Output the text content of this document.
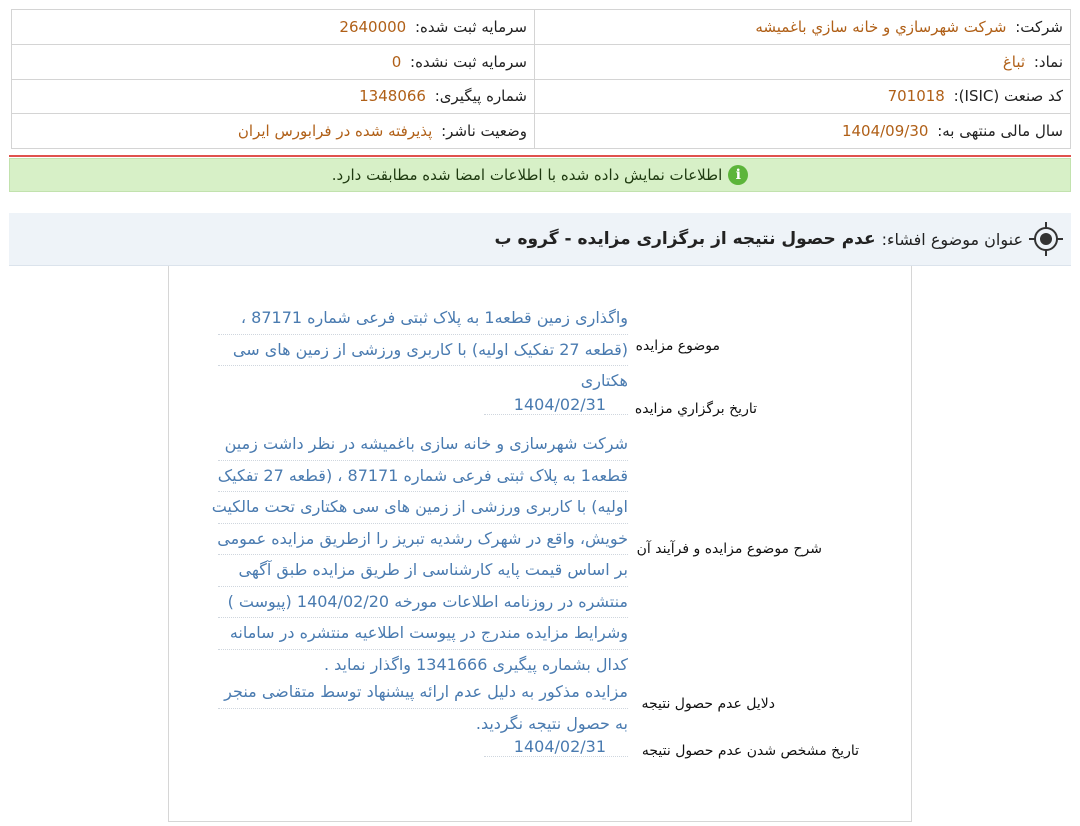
شرکت: شرکت شهرسازي و خانه سازي باغميشه	سرمایه ثبت شده: 2640000
نماد: ثباغ	سرمایه ثبت نشده: 0
کد صنعت (ISIC): 701018	شماره پیگیری: 1348066
سال مالی منتهی به: 1404/09/30	وضعیت ناشر: پذیرفته شده در فرابورس ایران
i
اطلاعات نمایش داده شده با اطلاعات امضا شده مطابقت دارد.
عنوان موضوع افشاء:
عدم حصول نتیجه از برگزاری مزایده - گروه ب
موضوع مزایده
واگذاری زمین قطعه1 به پلاک ثبتی فرعی شماره 87171 ،
(قطعه 27 تفکیک اولیه) با کاربری ورزشی از زمین های سی
هکتاری
تاريخ برگزاري مزايده
1404/02/31
شرح موضوع مزایده و فرآیند آن
شرکت شهرسازی و خانه سازی باغمیشه در نظر داشت زمین
قطعه1 به پلاک ثبتی فرعی شماره 87171 ، (قطعه 27 تفکیک
اولیه) با کاربری ورزشی از زمین های سی هکتاری تحت مالکیت
خویش، واقع در شهرک رشدیه تبریز را ازطریق مزایده عمومی
بر اساس قیمت پایه کارشناسی از طریق مزایده طبق آگهی
منتشره در روزنامه اطلاعات مورخه 1404/02/20 (پیوست )
وشرایط مزایده مندرج در پیوست اطلاعیه منتشره در سامانه
کدال بشماره پیگیری 1341666 واگذار نماید .
دلایل عدم حصول نتیجه
مزایده مذکور به دلیل عدم ارائه پیشنهاد توسط متقاضی منجر
به حصول نتیجه نگردید.
تاریخ مشخص شدن عدم حصول نتیجه
1404/02/31
